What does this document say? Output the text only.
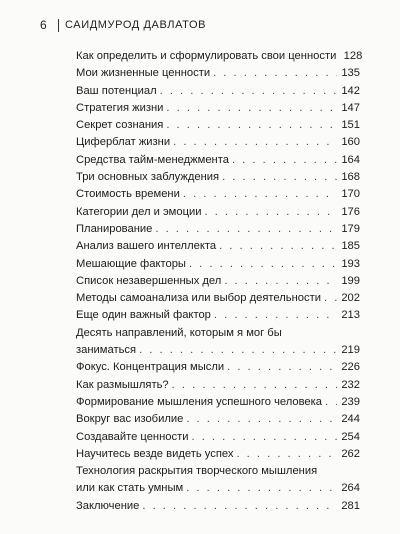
6	САИДМУРОД ДАВЛАТОВ
Как определить и сформулировать свои ценности 128
Мои жизненные ценности . . .	135
Ваш потенциал . . .	142
Стратегия жизни . . .	147
Секрет сознания . . .	151
Циферблат жизни . . .	160
Средства тайм-менеджмента . . .	164
Три основных заблуждения . . .	168
Стоимость времени . . .	170
Категории дел и эмоции . . .	176
Планирование . . .	179
Анализ вашего интеллекта . . .	185
Мешающие факторы . . .	193
Список незавершенных дел . . .	199
Методы самоанализа или выбор деятельности . . . 202
Еще один важный фактор . . .	213
Десять направлений, которым я мог бы
заниматься . . .	219
Фокус. Концентрация мысли . . .	226
Как размышлять? . . .	232
Формирование мышления успешного человека . . . 239
Вокруг вас изобилие . . .	244
Создавайте ценности . . .	254
Научитесь везде видеть успех . . .	262
Технология раскрытия творческого мышления
или как стать умным . . .	264
Заключение . . .	281
